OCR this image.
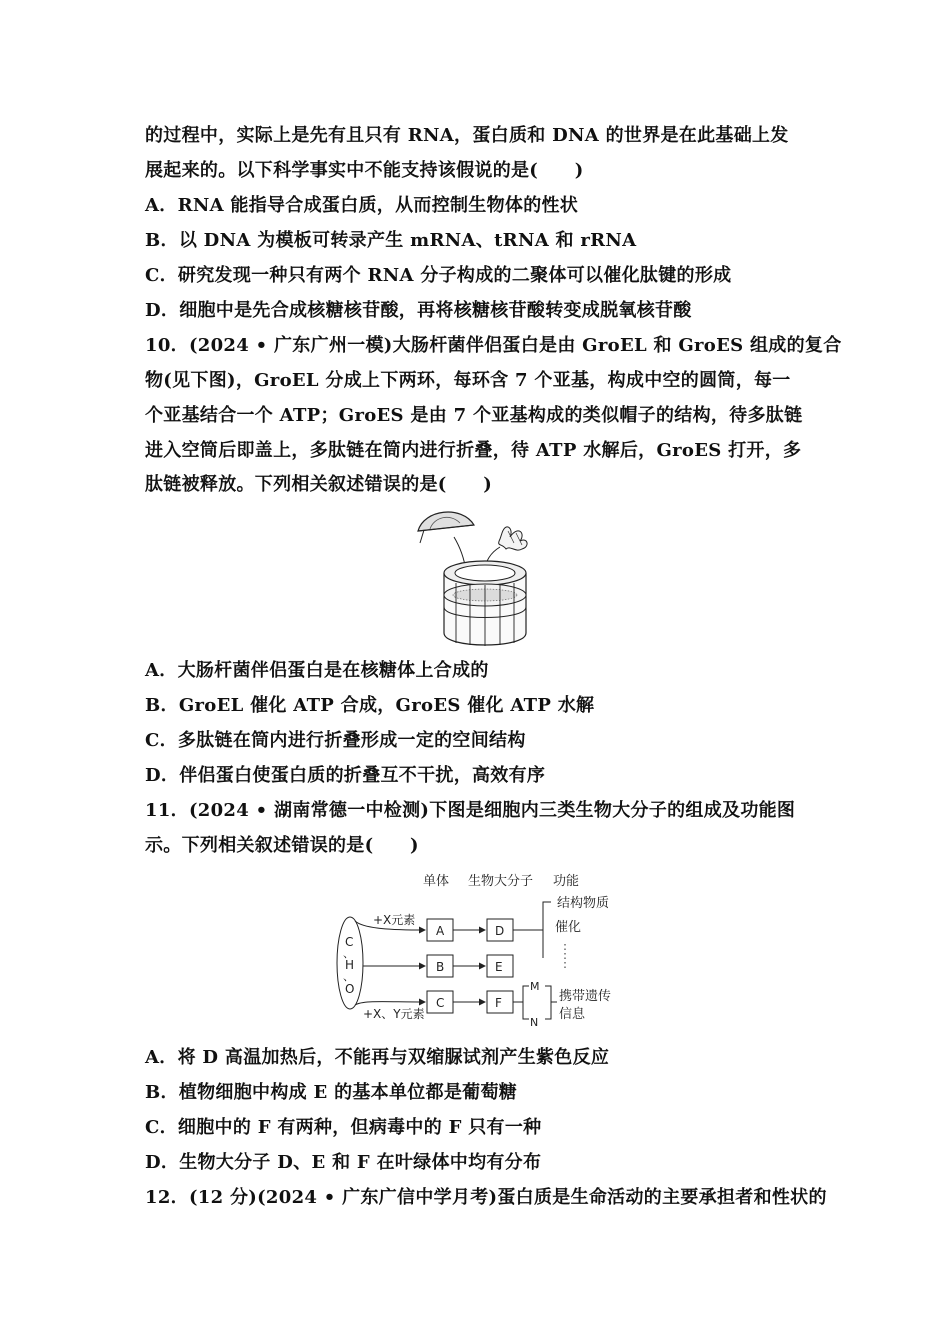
的过程中，实际上是先有且只有 RNA，蛋白质和 DNA 的世界是在此基础上发
展起来的。以下科学事实中不能支持该假说的是(　　)
A．RNA 能指导合成蛋白质，从而控制生物体的性状
B．以 DNA 为模板可转录产生 mRNA、tRNA 和 rRNA
C．研究发现一种只有两个 RNA 分子构成的二聚体可以催化肽键的形成
D．细胞中是先合成核糖核苷酸，再将核糖核苷酸转变成脱氧核苷酸
10．(2024 • 广东广州一模)大肠杆菌伴侣蛋白是由 GroEL 和 GroES 组成的复合
物(见下图)，GroEL 分成上下两环，每环含 7 个亚基，构成中空的圆筒，每一
个亚基结合一个 ATP；GroES 是由 7 个亚基构成的类似帽子的结构，待多肽链
进入空筒后即盖上，多肽链在筒内进行折叠，待 ATP 水解后，GroES 打开，多
肽链被释放。下列相关叙述错误的是(　　)
A．大肠杆菌伴侣蛋白是在核糖体上合成的
B．GroEL 催化 ATP 合成，GroES 催化 ATP 水解
C．多肽链在筒内进行折叠形成一定的空间结构
D．伴侣蛋白使蛋白质的折叠互不干扰，高效有序
11．(2024 • 湖南常德一中检测)下图是细胞内三类生物大分子的组成及功能图
示。下列相关叙述错误的是(　　)
单体 生物大分子 功能
C
、
H
、
O
+X元素
+X、Y元素
A
B
C
D
E
F
结构物质
催化
M
N
携带遗传
信息
A．将 D 高温加热后，不能再与双缩脲试剂产生紫色反应
B．植物细胞中构成 E 的基本单位都是葡萄糖
C．细胞中的 F 有两种，但病毒中的 F 只有一种
D．生物大分子 D、E 和 F 在叶绿体中均有分布
12．(12 分)(2024 • 广东广信中学月考)蛋白质是生命活动的主要承担者和性状的
